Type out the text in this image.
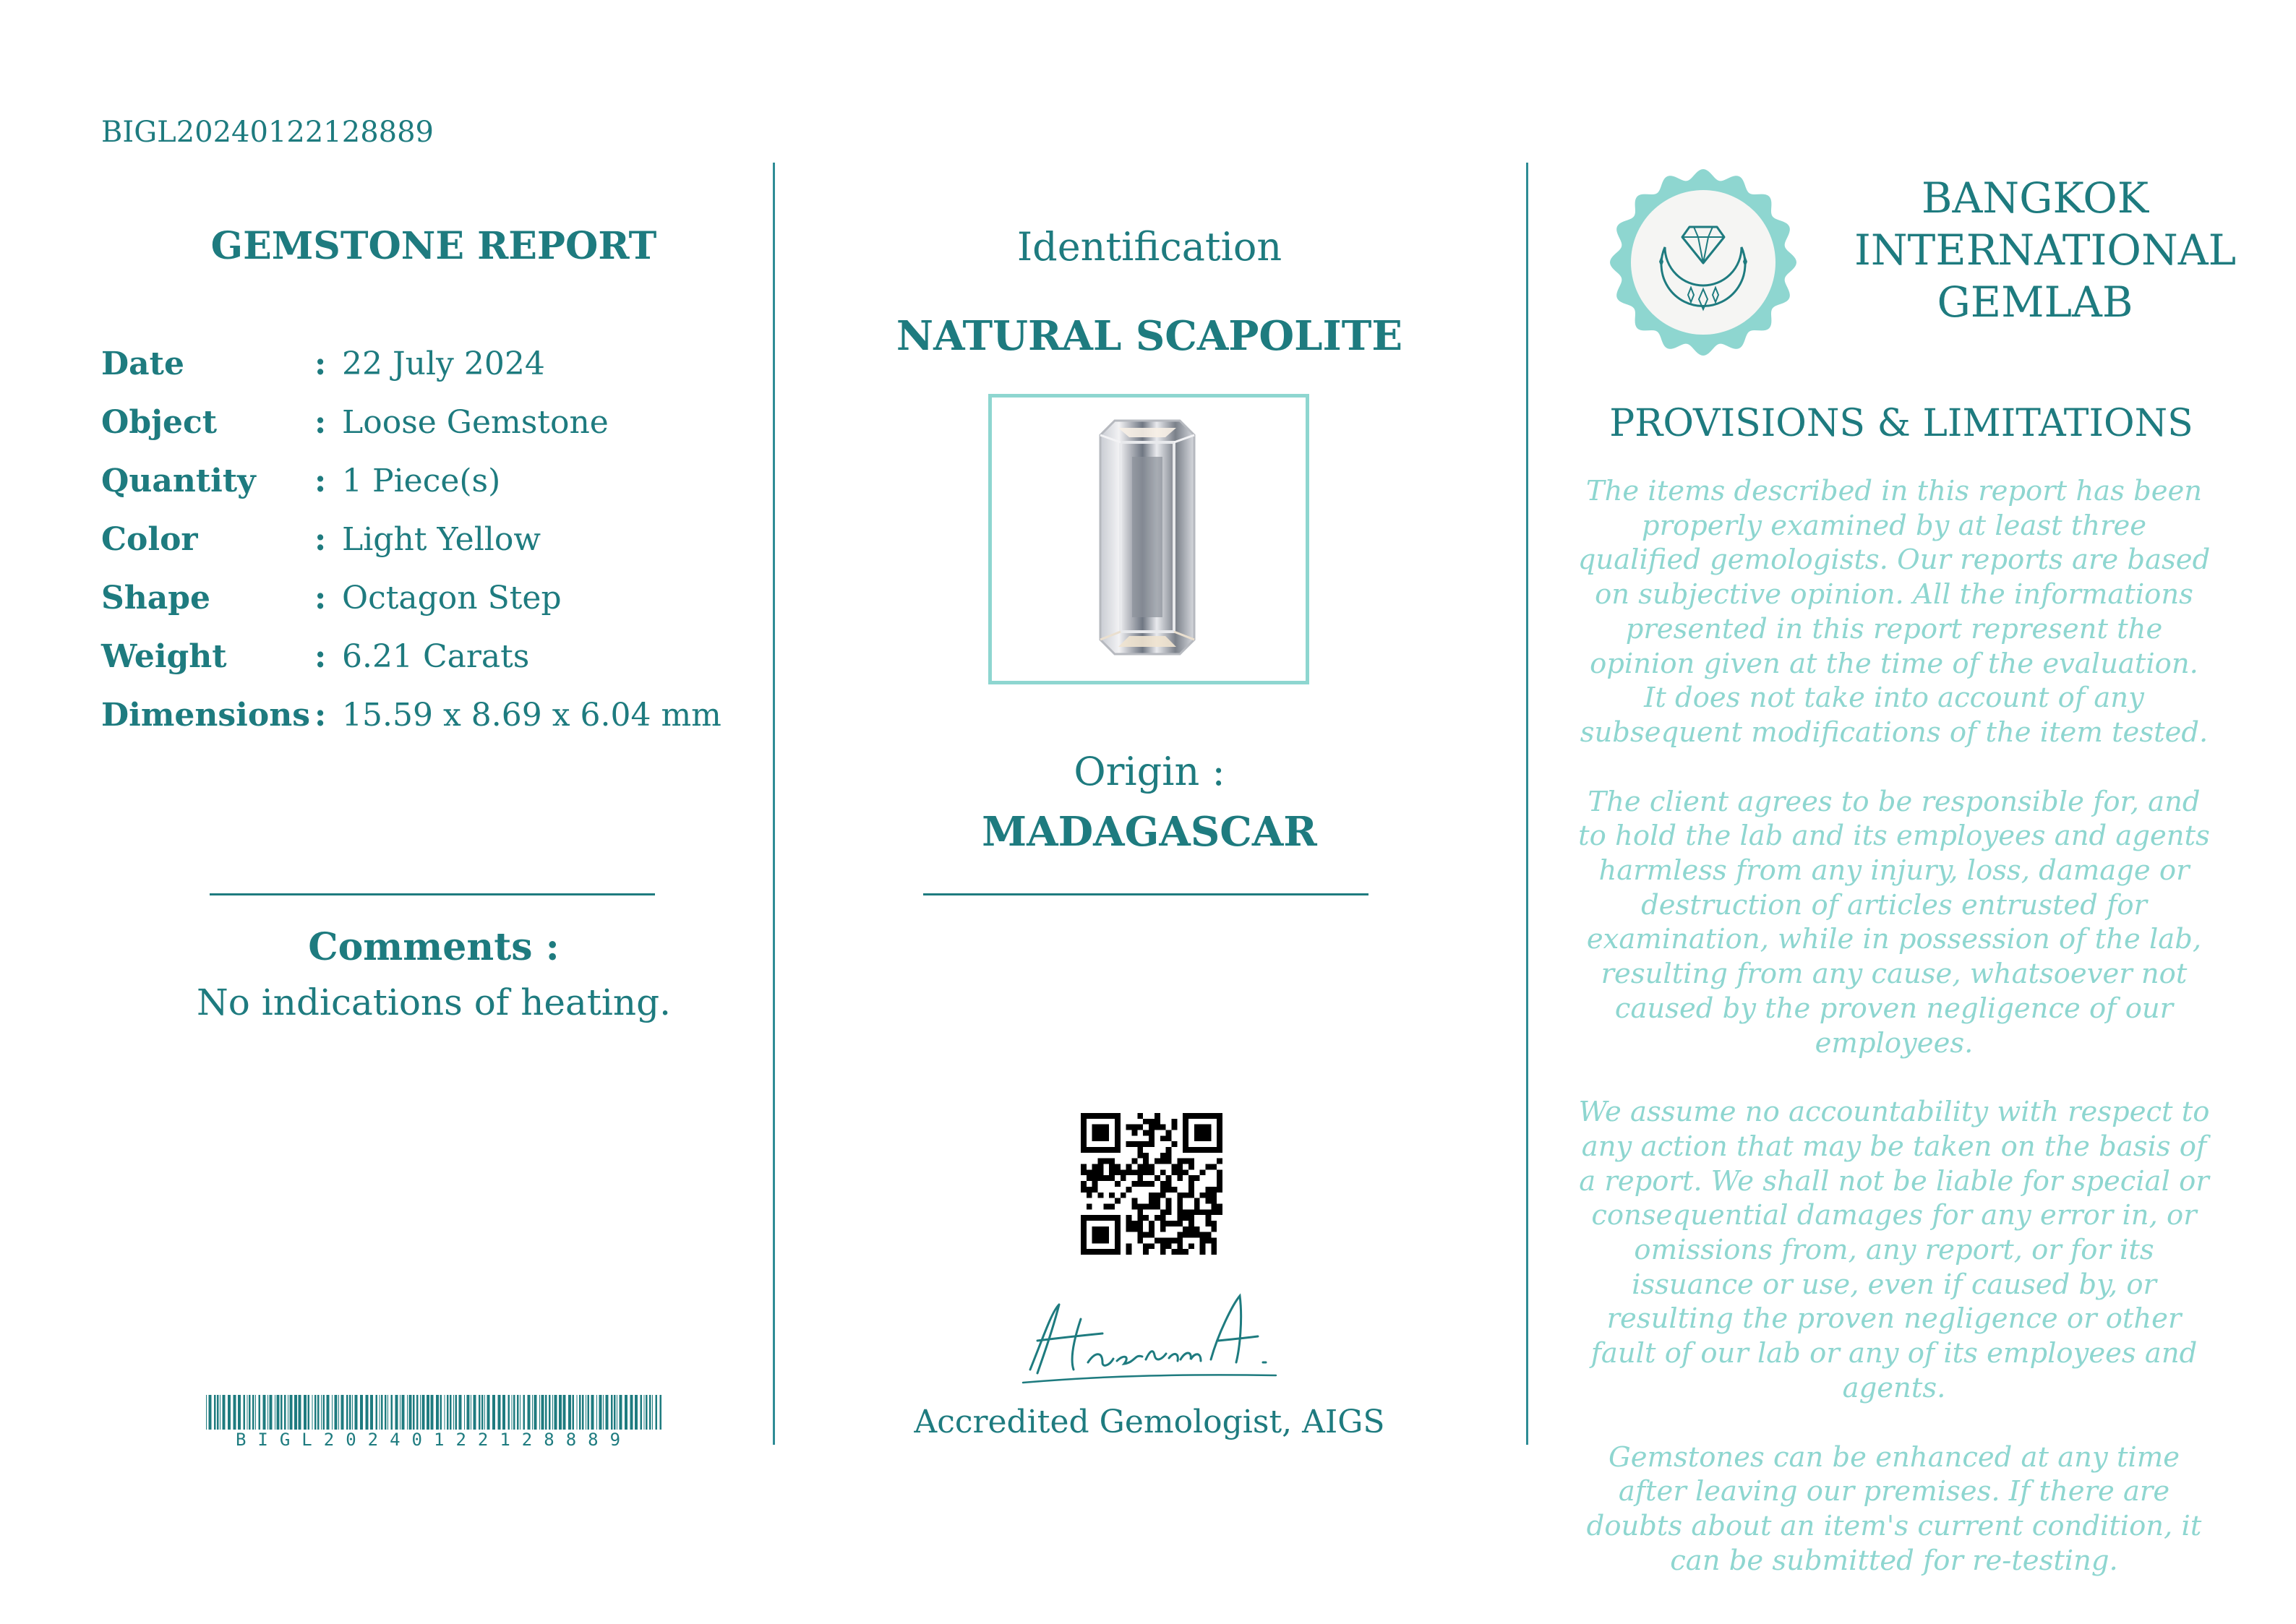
BIGL20240122128889
GEMSTONE REPORT
Date	: 22 July 2024
Object	: Loose Gemstone
Quantity : 1 Piece(s)
Color	: Light Yellow
Shape	: Octagon Step
Weight	: 6.21 Carats
Dimensions : 15.59 x 8.69 x 6.04 mm
Comments :
No indications of heating.
BIGL20240122128889
Identification
NATURAL SCAPOLITE
Origin :
MADAGASCAR
Accredited Gemologist, AIGS
BANGKOK
INTERNATIONAL
GEMLAB
PROVISIONS & LIMITATIONS

The items described in this report has been properly examined by at least three qualified gemologists. Our reports are based on subjective opinion. All the informations presented in this report represent the opinion given at the time of the evaluation. It does not take into account of any subsequent modifications of the item tested.

The client agrees to be responsible for, and to hold the lab and its employees and agents harmless from any injury, loss, damage or destruction of articles entrusted for examination, while in possession of the lab, resulting from any cause, whatsoever not caused by the proven negligence of our employees.

We assume no accountability with respect to any action that may be taken on the basis of a report. We shall not be liable for special or consequential damages for any error in, or omissions from, any report, or for its issuance or use, even if caused by, or resulting the proven negligence or other fault of our lab or any of its employees and agents.

Gemstones can be enhanced at any time after leaving our premises. If there are doubts about an item's current condition, it can be submitted for re-testing.
